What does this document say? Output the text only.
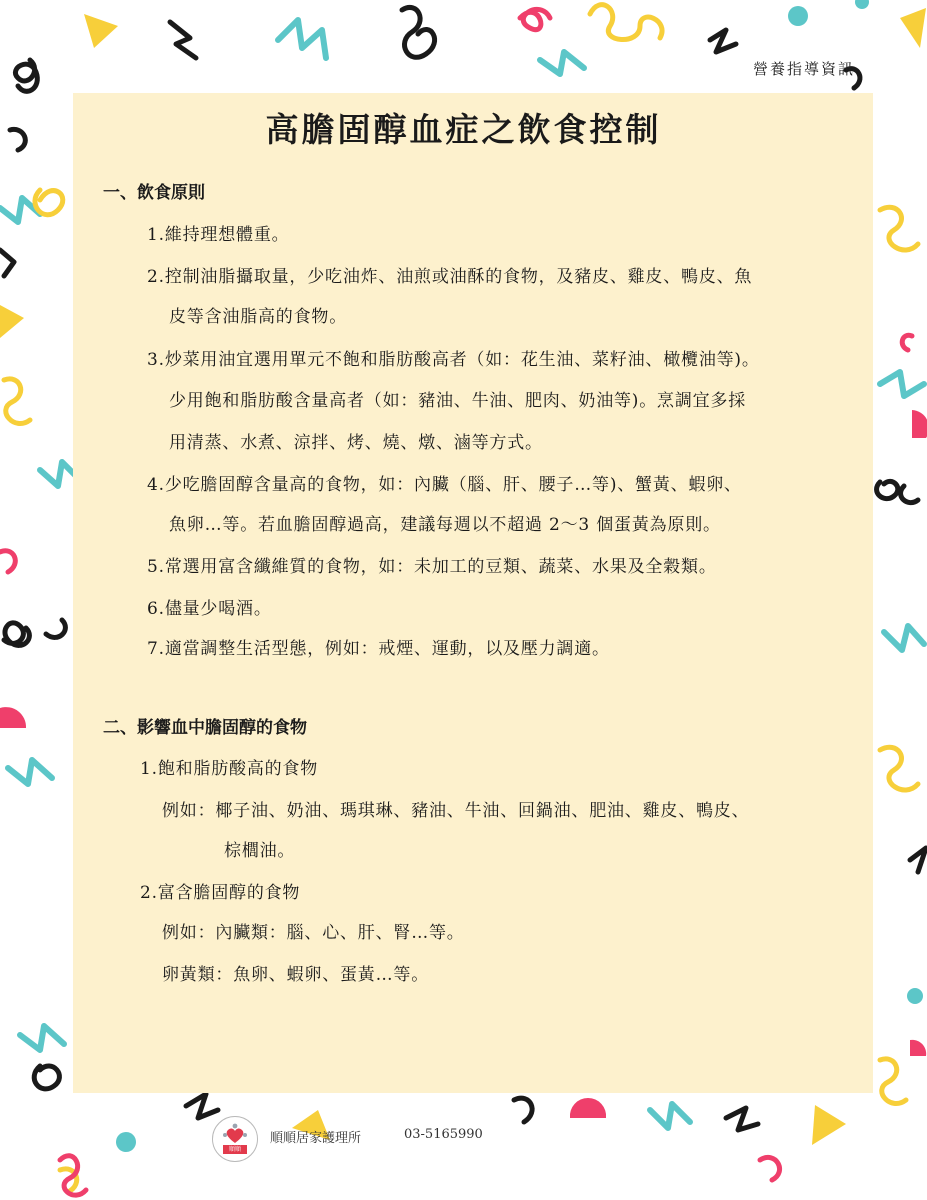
營養指導資訊
高膽固醇血症之飲食控制
一、飲食原則

1.維持理想體重。

2.控制油脂攝取量，少吃油炸、油煎或油酥的食物，及豬皮、雞皮、鴨皮、魚

皮等含油脂高的食物。

3.炒菜用油宜選用單元不飽和脂肪酸高者（如：花生油、菜籽油、橄欖油等)。

少用飽和脂肪酸含量高者（如：豬油、牛油、肥肉、奶油等)。烹調宜多採

用清蒸、水煮、涼拌、烤、燒、燉、滷等方式。

4.少吃膽固醇含量高的食物，如：內臟（腦、肝、腰子…等)、蟹黃、蝦卵、

魚卵…等。若血膽固醇過高，建議每週以不超過 2～3 個蛋黃為原則。

5.常選用富含纖維質的食物，如：未加工的豆類、蔬菜、水果及全穀類。

6.儘量少喝酒。

7.適當調整生活型態，例如：戒煙、運動，以及壓力調適。

二、影響血中膽固醇的食物

1.飽和脂肪酸高的食物

例如：椰子油、奶油、瑪琪琳、豬油、牛油、回鍋油、肥油、雞皮、鴨皮、

棕櫚油。

2.富含膽固醇的食物

例如：內臟類：腦、心、肝、腎…等。

卵黃類：魚卵、蝦卵、蛋黃…等。

順順
順順居家護理所	03-5165990
